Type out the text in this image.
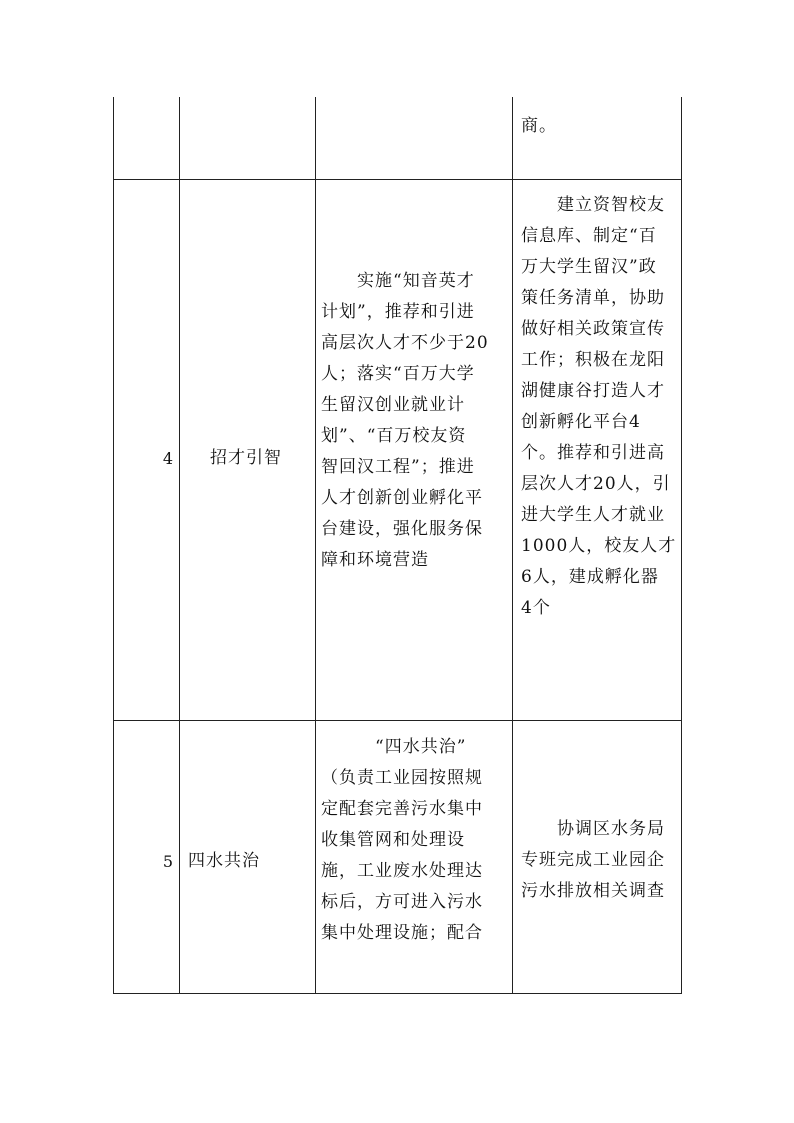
商。
4 招才引智
　　实施“知音英才
计划”，推荐和引进
高层次人才不少于20
人；落实“百万大学
生留汉创业就业计
划”、“百万校友资
智回汉工程”；推进
人才创新创业孵化平
台建设，强化服务保
障和环境营造
　　建立资智校友
信息库、制定“百
万大学生留汉”政
策任务清单，协助
做好相关政策宣传
工作；积极在龙阳
湖健康谷打造人才
创新孵化平台4
个。推荐和引进高
层次人才20人，引
进大学生人才就业
1000人，校友人才
6人，建成孵化器
4个
5 四水共治
　　　“四水共治”
（负责工业园按照规
定配套完善污水集中
收集管网和处理设
施，工业废水处理达
标后，方可进入污水
集中处理设施；配合
　　协调区水务局
专班完成工业园企
污水排放相关调查
